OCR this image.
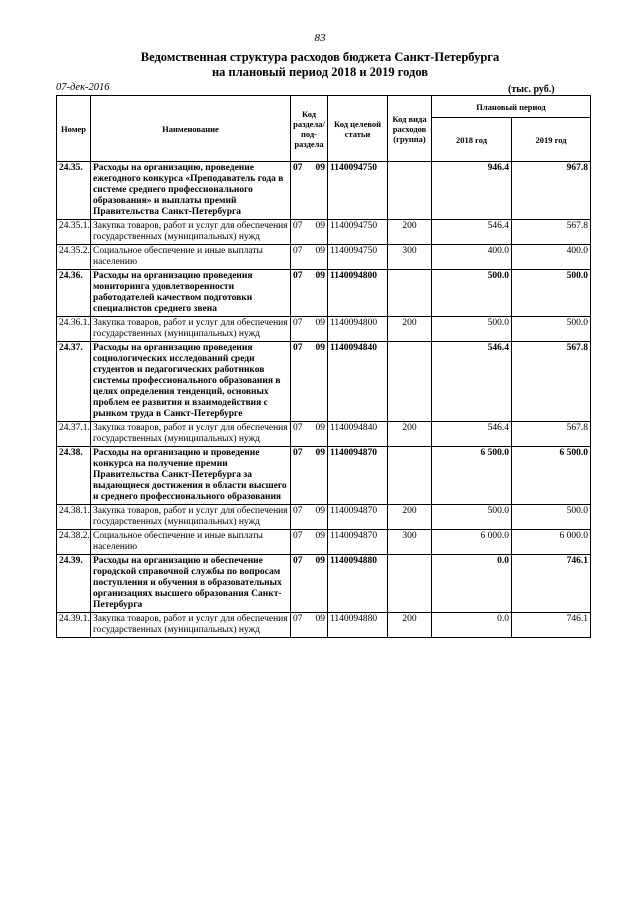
83
Ведомственная структура расходов бюджета Санкт-Петербурга
на плановый период 2018 и 2019 годов
07-дек-2016	(тыс. руб.)
Номер	Наименование	Код раздела/ под- раздела	Код целевой статьи	Код вида расходов (группа)	Плановый период	
					2018 год	2019 год
24.35.	Расходы на организацию, проведение ежегодного конкурса «Преподаватель года в системе среднего профессионального образования» и выплаты премий Правительства Санкт-Петербурга	07 09	1140094750		946.4	967.8
24.35.1.	Закупка товаров, работ и услуг для обеспечения государственных (муниципальных) нужд	07 09	1140094750	200	546.4	567.8
24.35.2.	Социальное обеспечение и иные выплаты населению	07 09	1140094750	300	400.0	400.0
24.36.	Расходы на организацию проведения мониторинга удовлетворенности работодателей качеством подготовки специалистов среднего звена	07 09	1140094800		500.0	500.0
24.36.1.	Закупка товаров, работ и услуг для обеспечения государственных (муниципальных) нужд	07 09	1140094800	200	500.0	500.0
24.37.	Расходы на организацию проведения социологических исследований среди студентов и педагогических работников системы профессионального образования в целях определения тенденций, основных проблем ее развития и взаимодействия с рынком труда в Санкт-Петербурге	07 09	1140094840		546.4	567.8
24.37.1.	Закупка товаров, работ и услуг для обеспечения государственных (муниципальных) нужд	07 09	1140094840	200	546.4	567.8
24.38.	Расходы на организацию и проведение конкурса на получение премии Правительства Санкт-Петербурга за выдающиеся достижения в области высшего и среднего профессионального образования	07 09	1140094870		6 500.0	6 500.0
24.38.1.	Закупка товаров, работ и услуг для обеспечения государственных (муниципальных) нужд	07 09	1140094870	200	500.0	500.0
24.38.2.	Социальное обеспечение и иные выплаты населению	07 09	1140094870	300	6 000.0	6 000.0
24.39.	Расходы на организацию и обеспечение городской справочной службы по вопросам поступления и обучения в образовательных организациях высшего образования Санкт-Петербурга	07 09	1140094880		0.0	746.1
24.39.1.	Закупка товаров, работ и услуг для обеспечения государственных (муниципальных) нужд	07 09	1140094880	200	0.0	746.1
